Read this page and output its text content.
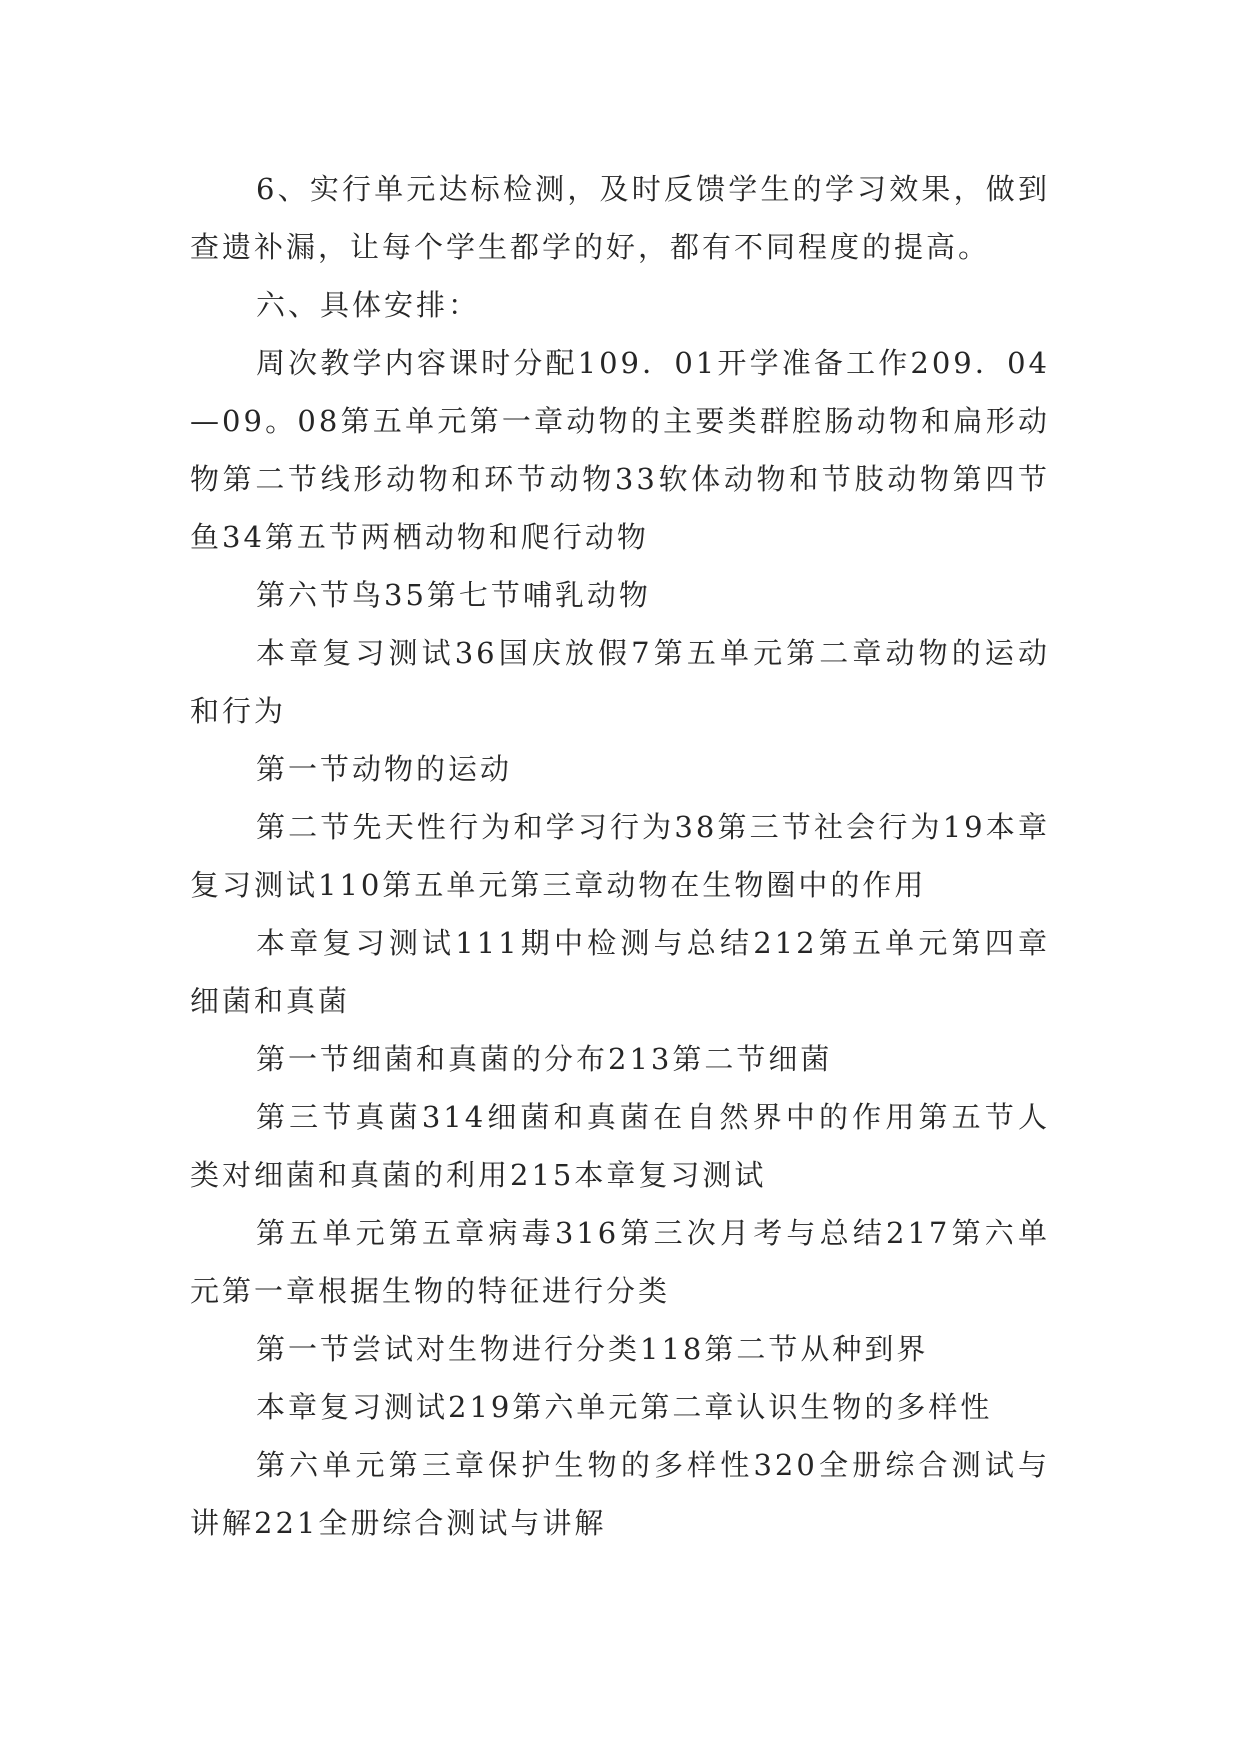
6、实行单元达标检测，及时反馈学生的学习效果，做到查遗补漏，让每个学生都学的好，都有不同程度的提高。

六、具体安排：

周次教学内容课时分配109．01开学准备工作209．04—09。08第五单元第一章动物的主要类群腔肠动物和扁形动物第二节线形动物和环节动物33软体动物和节肢动物第四节鱼34第五节两栖动物和爬行动物

第六节鸟35第七节哺乳动物

本章复习测试36国庆放假7第五单元第二章动物的运动和行为

第一节动物的运动

第二节先天性行为和学习行为38第三节社会行为19本章复习测试110第五单元第三章动物在生物圈中的作用

本章复习测试111期中检测与总结212第五单元第四章细菌和真菌

第一节细菌和真菌的分布213第二节细菌

第三节真菌314细菌和真菌在自然界中的作用第五节人类对细菌和真菌的利用215本章复习测试

第五单元第五章病毒316第三次月考与总结217第六单元第一章根据生物的特征进行分类

第一节尝试对生物进行分类118第二节从种到界

本章复习测试219第六单元第二章认识生物的多样性

第六单元第三章保护生物的多样性320全册综合测试与讲解221全册综合测试与讲解
